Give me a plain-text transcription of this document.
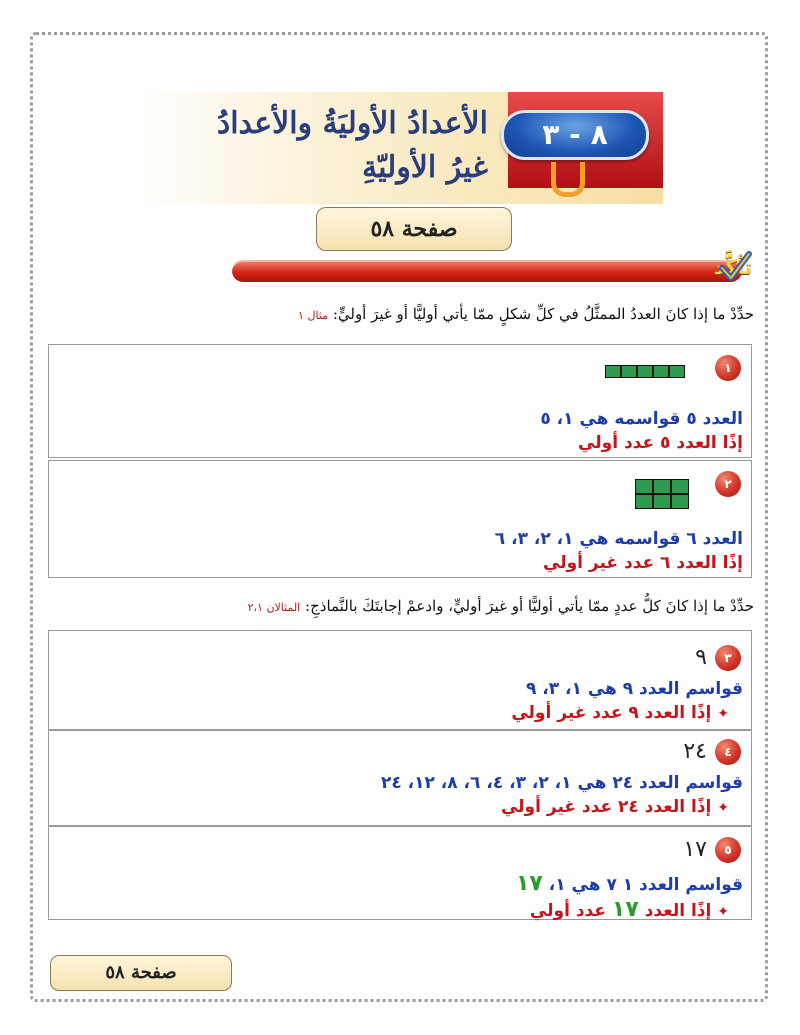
٨ - ٣
الأعدادُ الأوليَةُ والأعدادُ
غيرُ الأوليّةِ
صفحة ٥٨
تأكَّد
حدِّدْ ما إذا كانَ العددُ الممثَّلُ في كلِّ شكلٍ ممّا يأتي أوليًّا أو غيرَ أوليٍّ: مثال ١
١
العدد ٥ قواسمه هي ١، ٥
إذًا العدد ٥ عدد أولي
٢
العدد ٦ قواسمه هي ١، ٢، ٣، ٦
إذًا العدد ٦ عدد غير أولي
حدِّدْ ما إذا كانَ كلُّ عددٍ ممّا يأتي أوليًّا أو غيرَ أوليٍّ، وادعمْ إجابتَكَ بالنَّماذجِ: المثالان ٢،١
٣
٩
قواسم العدد ٩ هي ١، ٣، ٩
✦ إذًا العدد ٩ عدد غير أولي
٤
٢٤
قواسم العدد ٢٤ هي ١، ٢، ٣، ٤، ٦، ٨، ١٢، ٢٤
✦ إذًا العدد ٢٤ عدد غير أولي
٥
١٧
قواسم العدد ١ ٧ هي ١، ١٧
✦ إذًا العدد ١٧ عدد أولي
صفحة ٥٨
